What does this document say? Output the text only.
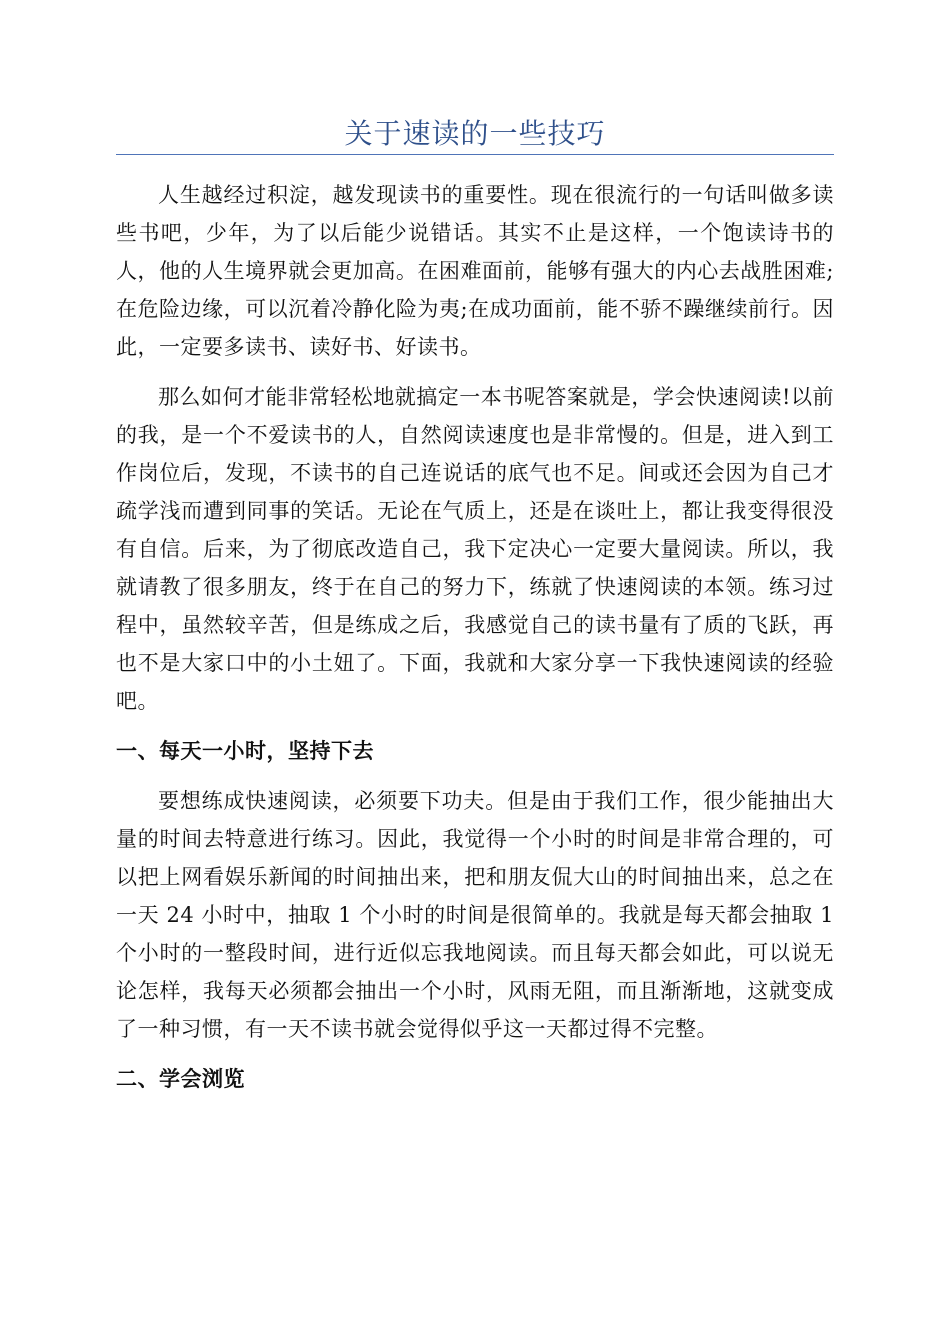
关于速读的一些技巧

人生越经过积淀，越发现读书的重要性。现在很流行的一句话叫做多读些书吧，少年，为了以后能少说错话。其实不止是这样，一个饱读诗书的人，他的人生境界就会更加高。在困难面前，能够有强大的内心去战胜困难;在危险边缘，可以沉着冷静化险为夷;在成功面前，能不骄不躁继续前行。因此，一定要多读书、读好书、好读书。

那么如何才能非常轻松地就搞定一本书呢答案就是，学会快速阅读!以前的我，是一个不爱读书的人，自然阅读速度也是非常慢的。但是，进入到工作岗位后，发现，不读书的自己连说话的底气也不足。间或还会因为自己才疏学浅而遭到同事的笑话。无论在气质上，还是在谈吐上，都让我变得很没有自信。后来，为了彻底改造自己，我下定决心一定要大量阅读。所以，我就请教了很多朋友，终于在自己的努力下，练就了快速阅读的本领。练习过程中，虽然较辛苦，但是练成之后，我感觉自己的读书量有了质的飞跃，再也不是大家口中的小土妞了。下面，我就和大家分享一下我快速阅读的经验吧。

一、每天一小时，坚持下去

要想练成快速阅读，必须要下功夫。但是由于我们工作，很少能抽出大量的时间去特意进行练习。因此，我觉得一个小时的时间是非常合理的，可以把上网看娱乐新闻的时间抽出来，把和朋友侃大山的时间抽出来，总之在一天 24 小时中，抽取 1 个小时的时间是很简单的。我就是每天都会抽取 1 个小时的一整段时间，进行近似忘我地阅读。而且每天都会如此，可以说无论怎样，我每天必须都会抽出一个小时，风雨无阻，而且渐渐地，这就变成了一种习惯，有一天不读书就会觉得似乎这一天都过得不完整。

二、学会浏览
